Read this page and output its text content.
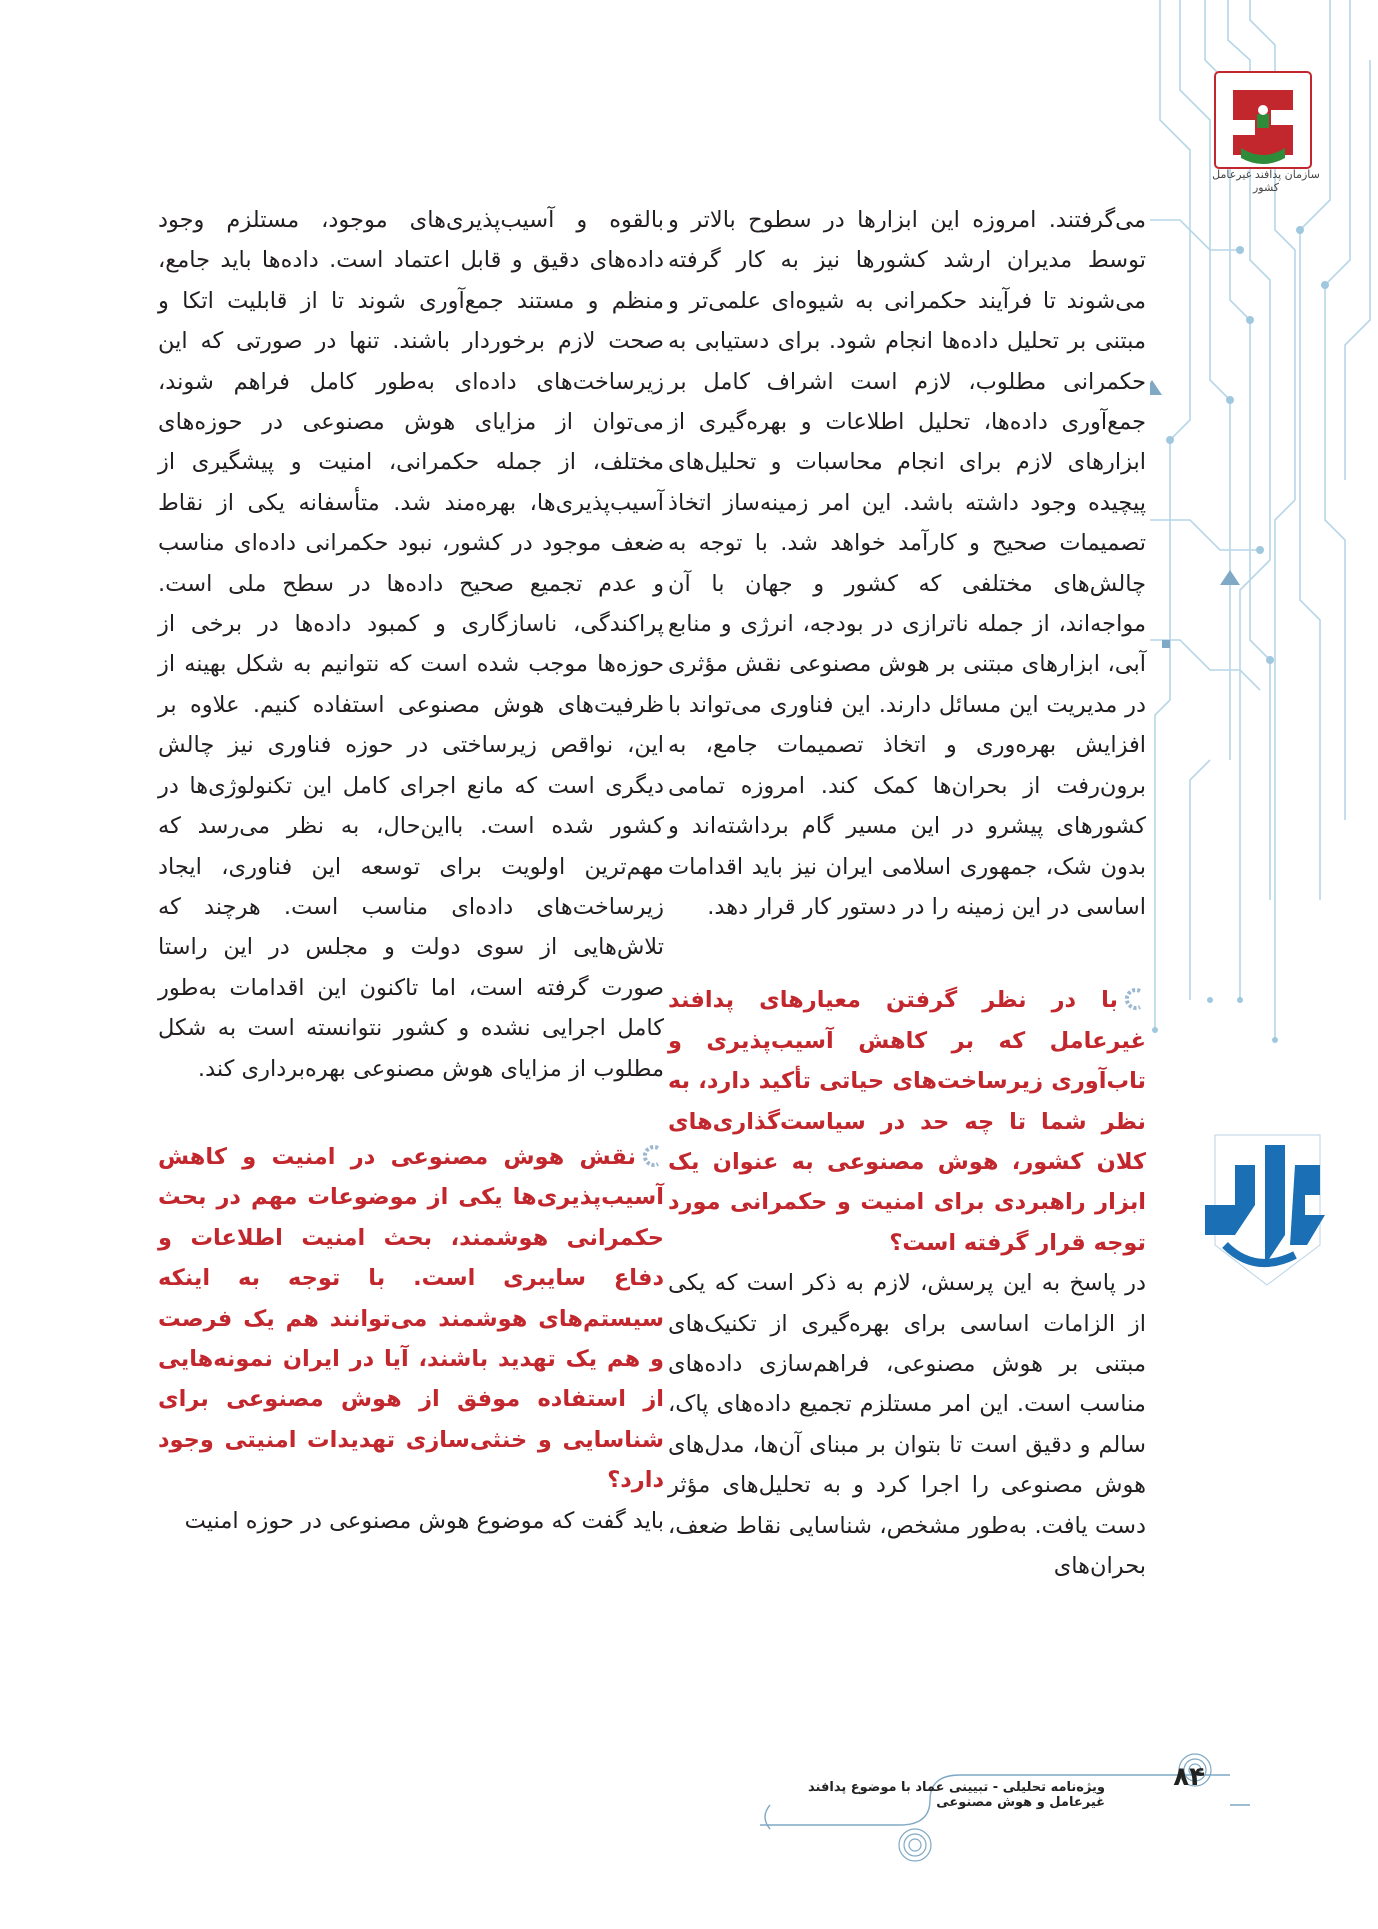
سازمان پدافند غیرعامل کشور

می‌گرفتند. امروزه این ابزارها در سطوح بالاتر و توسط مدیران ارشد کشورها نیز به کار گرفته می‌شوند تا فرآیند حکمرانی به شیوه‌ای علمی‌تر و مبتنی بر تحلیل داده‌ها انجام شود. برای دستیابی به حکمرانی مطلوب، لازم است اشراف کامل بر جمع‌آوری داده‌ها، تحلیل اطلاعات و بهره‌گیری از ابزارهای لازم برای انجام محاسبات و تحلیل‌های پیچیده وجود داشته باشد. این امر زمینه‌ساز اتخاذ تصمیمات صحیح و کارآمد خواهد شد. با توجه به چالش‌های مختلفی که کشور و جهان با آن مواجه‌اند، از جمله ناترازی در بودجه، انرژی و منابع آبی، ابزارهای مبتنی بر هوش مصنوعی نقش مؤثری در مدیریت این مسائل دارند. این فناوری می‌تواند با افزایش بهره‌وری و اتخاذ تصمیمات جامع، به برون‌رفت از بحران‌ها کمک کند. امروزه تمامی کشورهای پیشرو در این مسیر گام برداشته‌اند و بدون شک، جمهوری اسلامی ایران نیز باید اقدامات اساسی در این زمینه را در دستور کار قرار دهد.

با در نظر گرفتن معیارهای پدافند غیرعامل که بر کاهش آسیب‌پذیری و تاب‌آوری زیرساخت‌های حیاتی تأکید دارد، به نظر شما تا چه حد در سیاست‌گذاری‌های کلان کشور، هوش مصنوعی به عنوان یک ابزار راهبردی برای امنیت و حکمرانی مورد توجه قرار گرفته است؟

در پاسخ به این پرسش، لازم به ذکر است که یکی از الزامات اساسی برای بهره‌گیری از تکنیک‌های مبتنی بر هوش مصنوعی، فراهم‌سازی داده‌های مناسب است. این امر مستلزم تجمیع داده‌های پاک، سالم و دقیق است تا بتوان بر مبنای آن‌ها، مدل‌های هوش مصنوعی را اجرا کرد و به تحلیل‌های مؤثر دست یافت. به‌طور مشخص، شناسایی نقاط ضعف، بحران‌های

بالقوه و آسیب‌پذیری‌های موجود، مستلزم وجود داده‌های دقیق و قابل اعتماد است. داده‌ها باید جامع، منظم و مستند جمع‌آوری شوند تا از قابلیت اتکا و صحت لازم برخوردار باشند. تنها در صورتی که این زیرساخت‌های داده‌ای به‌طور کامل فراهم شوند، می‌توان از مزایای هوش مصنوعی در حوزه‌های مختلف، از جمله حکمرانی، امنیت و پیشگیری از آسیب‌پذیری‌ها، بهره‌مند شد. متأسفانه یکی از نقاط ضعف موجود در کشور، نبود حکمرانی داده‌ای مناسب و عدم تجمیع صحیح داده‌ها در سطح ملی است. پراکندگی، ناسازگاری و کمبود داده‌ها در برخی از حوزه‌ها موجب شده است که نتوانیم به شکل بهینه از ظرفیت‌های هوش مصنوعی استفاده کنیم. علاوه بر این، نواقص زیرساختی در حوزه فناوری نیز چالش دیگری است که مانع اجرای کامل این تکنولوژی‌ها در کشور شده است. بااین‌حال، به نظر می‌رسد که مهم‌ترین اولویت برای توسعه این فناوری، ایجاد زیرساخت‌های داده‌ای مناسب است. هرچند که تلاش‌هایی از سوی دولت و مجلس در این راستا صورت گرفته است، اما تاکنون این اقدامات به‌طور کامل اجرایی نشده و کشور نتوانسته است به شکل مطلوب از مزایای هوش مصنوعی بهره‌برداری کند.

نقش هوش مصنوعی در امنیت و کاهش آسیب‌پذیری‌ها یکی از موضوعات مهم در بحث حکمرانی هوشمند، بحث امنیت اطلاعات و دفاع سایبری است. با توجه به اینکه سیستم‌های هوشمند می‌توانند هم یک فرصت و هم یک تهدید باشند، آیا در ایران نمونه‌هایی از استفاده موفق از هوش مصنوعی برای شناسایی و خنثی‌سازی تهدیدات امنیتی وجود دارد؟

باید گفت که موضوع هوش مصنوعی در حوزه امنیت

ویژه‌نامه تحلیلی - تبیینی عماد با موضوع پدافند غیرعامل و هوش مصنوعی
۸۴
